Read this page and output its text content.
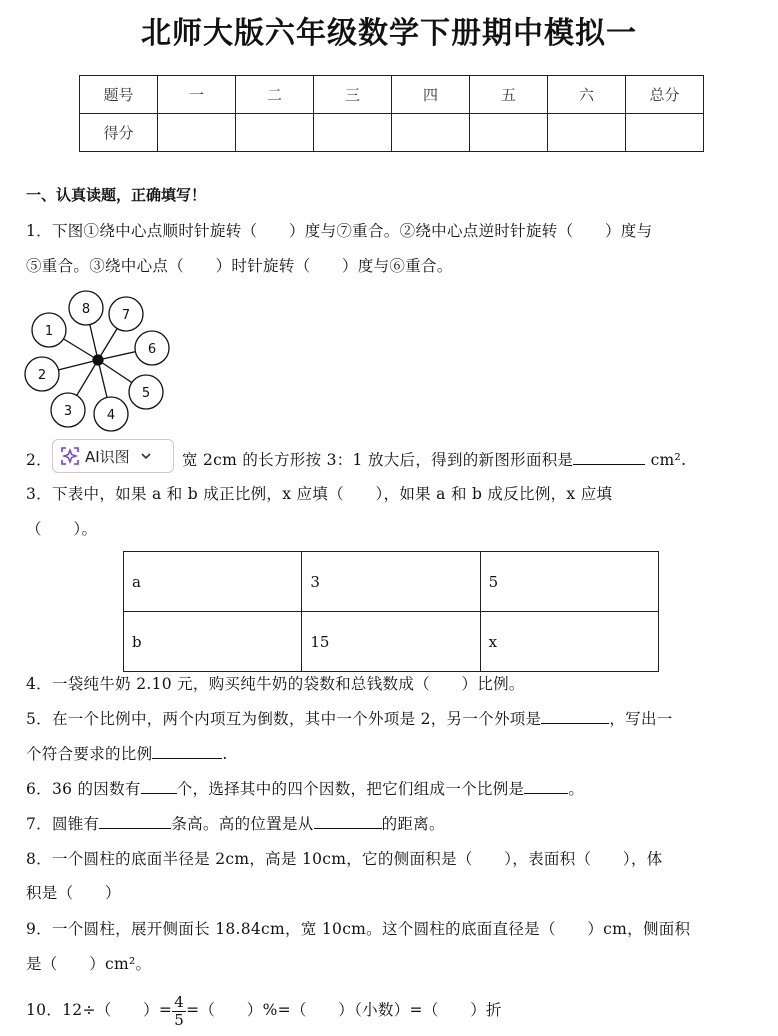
北师大版六年级数学下册期中模拟一
题号	一	二	三	四	五	六	总分
得分							
一、认真读题，正确填写！
1．下图①绕中心点顺时针旋转（　　）度与⑦重合。②绕中心点逆时针旋转（　　）度与
⑤重合。③绕中心点（　　）时针旋转（　　）度与⑥重合。
8 7
6
5
4
3
2
1
2．	宽 2cm 的长方形按 3：1 放大后，得到的新图形面积是	cm².
AI识图
3．下表中，如果 a 和 b 成正比例，x 应填（　　），如果 a 和 b 成反比例，x 应填
（　　）。
a	3	5
b	15	x
4．一袋纯牛奶 2.10 元，购买纯牛奶的袋数和总钱数成（　　）比例。
5．在一个比例中，两个内项互为倒数，其中一个外项是 2，另一个外项是	，写出一
个符合要求的比例	.
6．36 的因数有 个，选择其中的四个因数，把它们组成一个比例是	。
7．圆锥有	条高。高的位置是从	的距离。
8．一个圆柱的底面半径是 2cm，高是 10cm，它的侧面积是（　　），表面积（　　），体
积是（　　）
9．一个圆柱，展开侧面长 18.84cm，宽 10cm。这个圆柱的底面直径是（　　）cm，侧面积
是（　　）cm²。
10．12÷（　　）= $\frac{4}{5}$ =（　　）%=（　　）（小数）=（　　）折
